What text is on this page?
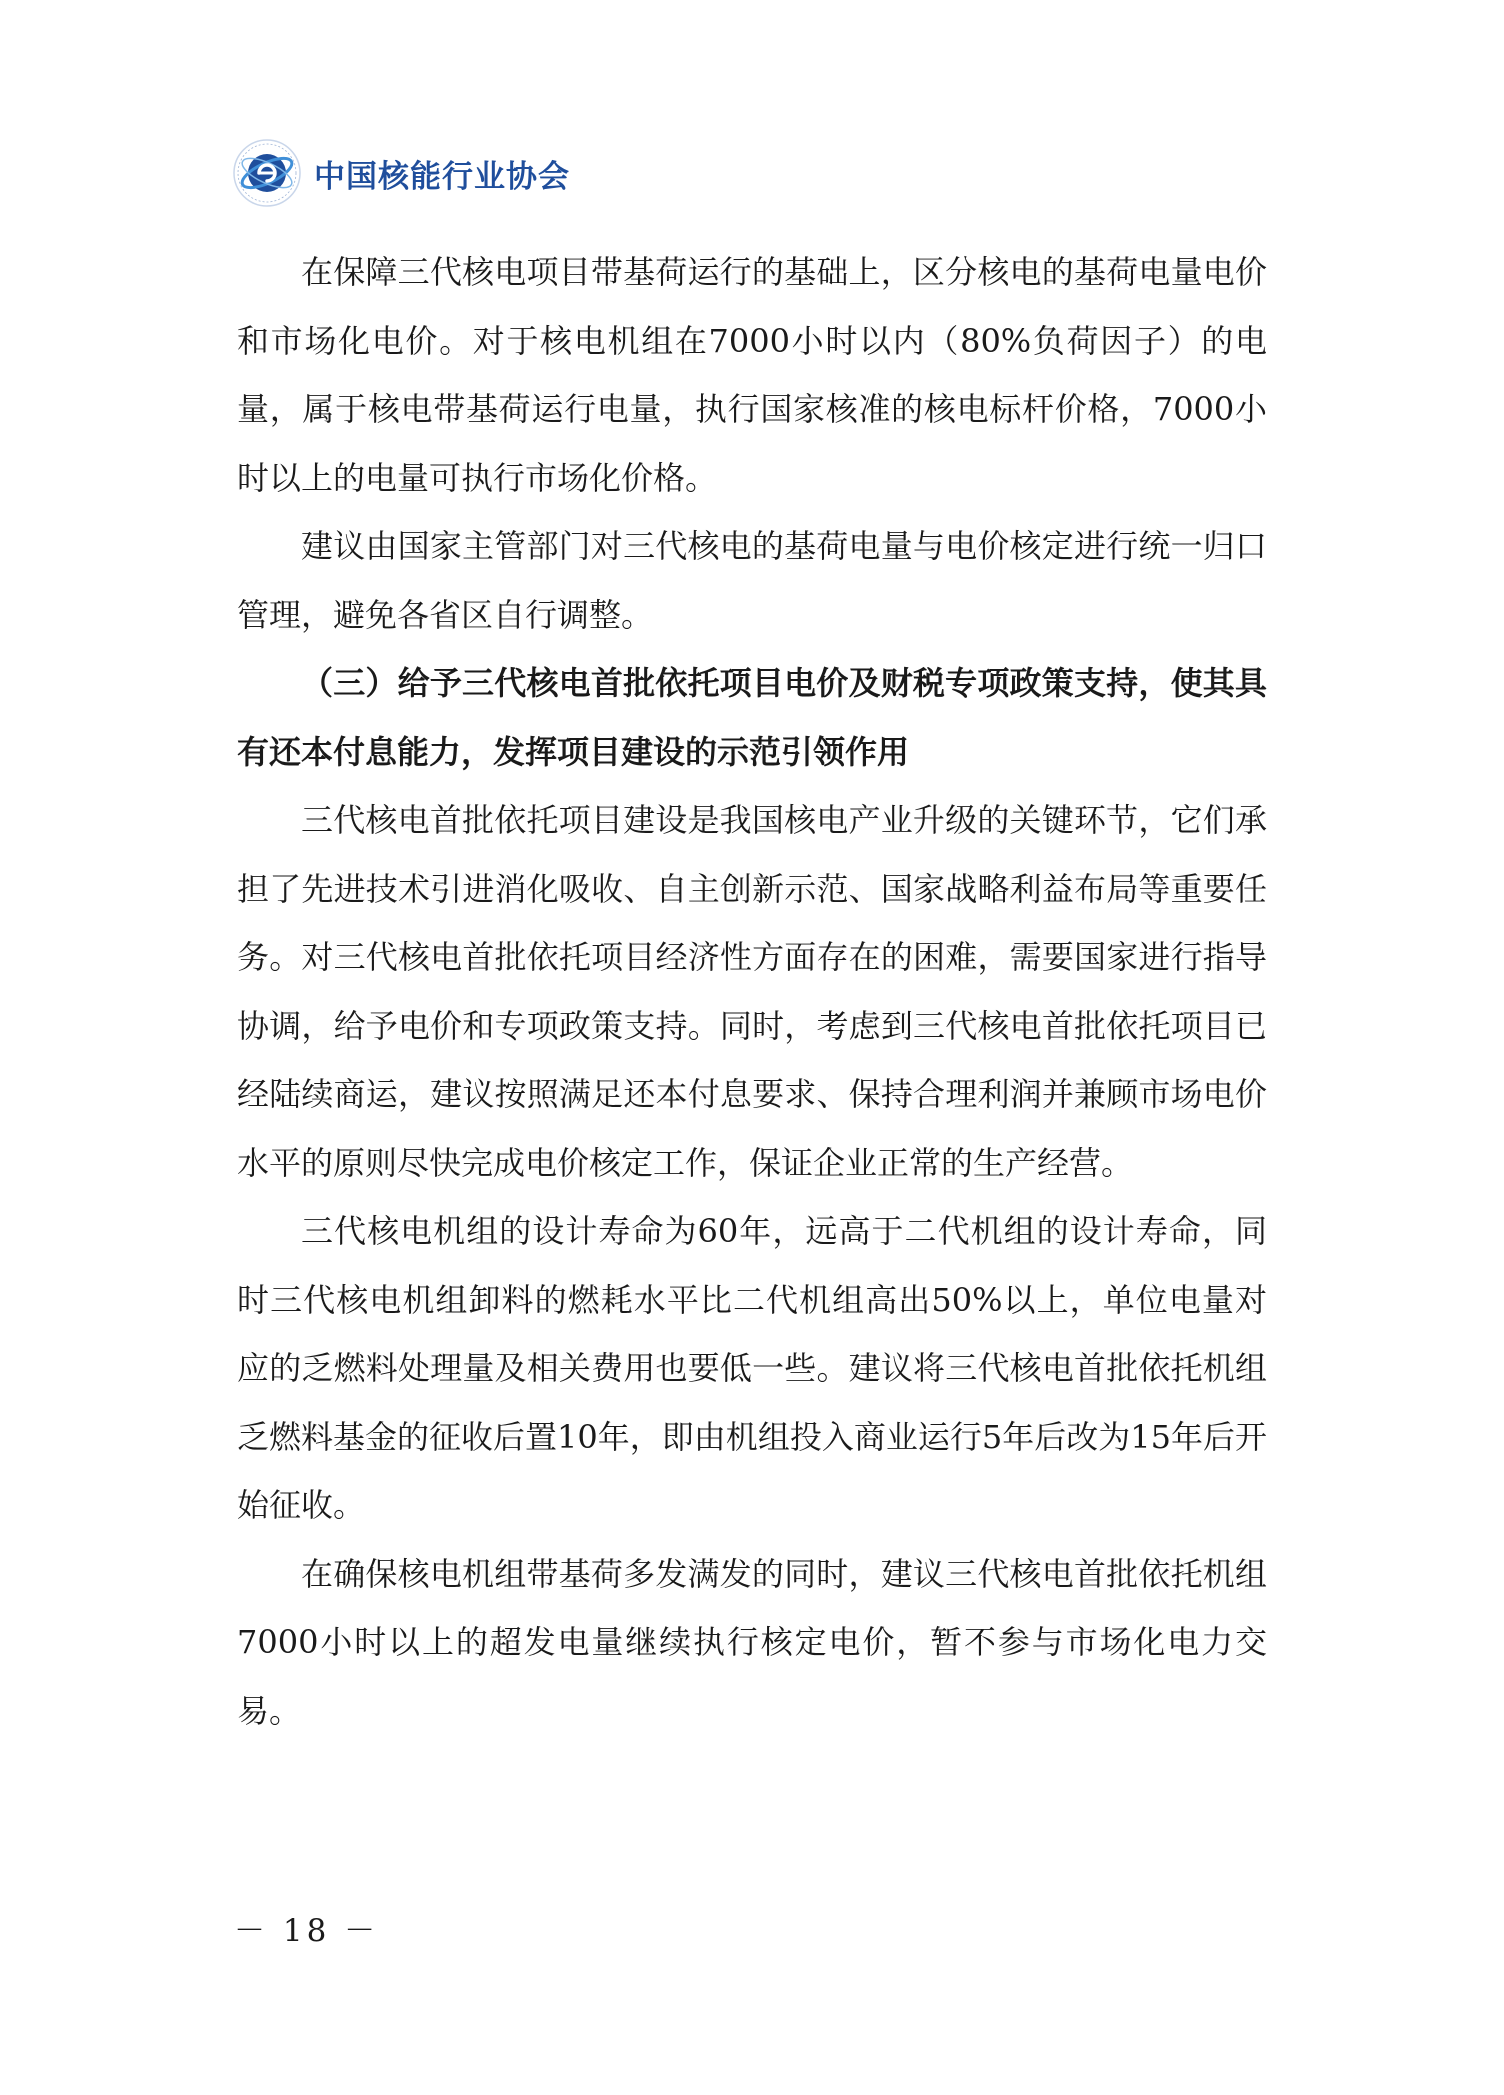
中国核能行业协会

在保障三代核电项目带基荷运行的基础上，区分核电的基荷电量电价和市场化电价。对于核电机组在7000小时以内（80%负荷因子）的电量，属于核电带基荷运行电量，执行国家核准的核电标杆价格，7000小时以上的电量可执行市场化价格。

建议由国家主管部门对三代核电的基荷电量与电价核定进行统一归口管理，避免各省区自行调整。

（三）给予三代核电首批依托项目电价及财税专项政策支持，使其具有还本付息能力，发挥项目建设的示范引领作用

三代核电首批依托项目建设是我国核电产业升级的关键环节，它们承担了先进技术引进消化吸收、自主创新示范、国家战略利益布局等重要任务。对三代核电首批依托项目经济性方面存在的困难，需要国家进行指导协调，给予电价和专项政策支持。同时，考虑到三代核电首批依托项目已经陆续商运，建议按照满足还本付息要求、保持合理利润并兼顾市场电价水平的原则尽快完成电价核定工作，保证企业正常的生产经营。

三代核电机组的设计寿命为60年，远高于二代机组的设计寿命，同时三代核电机组卸料的燃耗水平比二代机组高出50%以上，单位电量对应的乏燃料处理量及相关费用也要低一些。建议将三代核电首批依托机组乏燃料基金的征收后置10年，即由机组投入商业运行5年后改为15年后开始征收。

在确保核电机组带基荷多发满发的同时，建议三代核电首批依托机组7000小时以上的超发电量继续执行核定电价，暂不参与市场化电力交易。

－ 18 －
